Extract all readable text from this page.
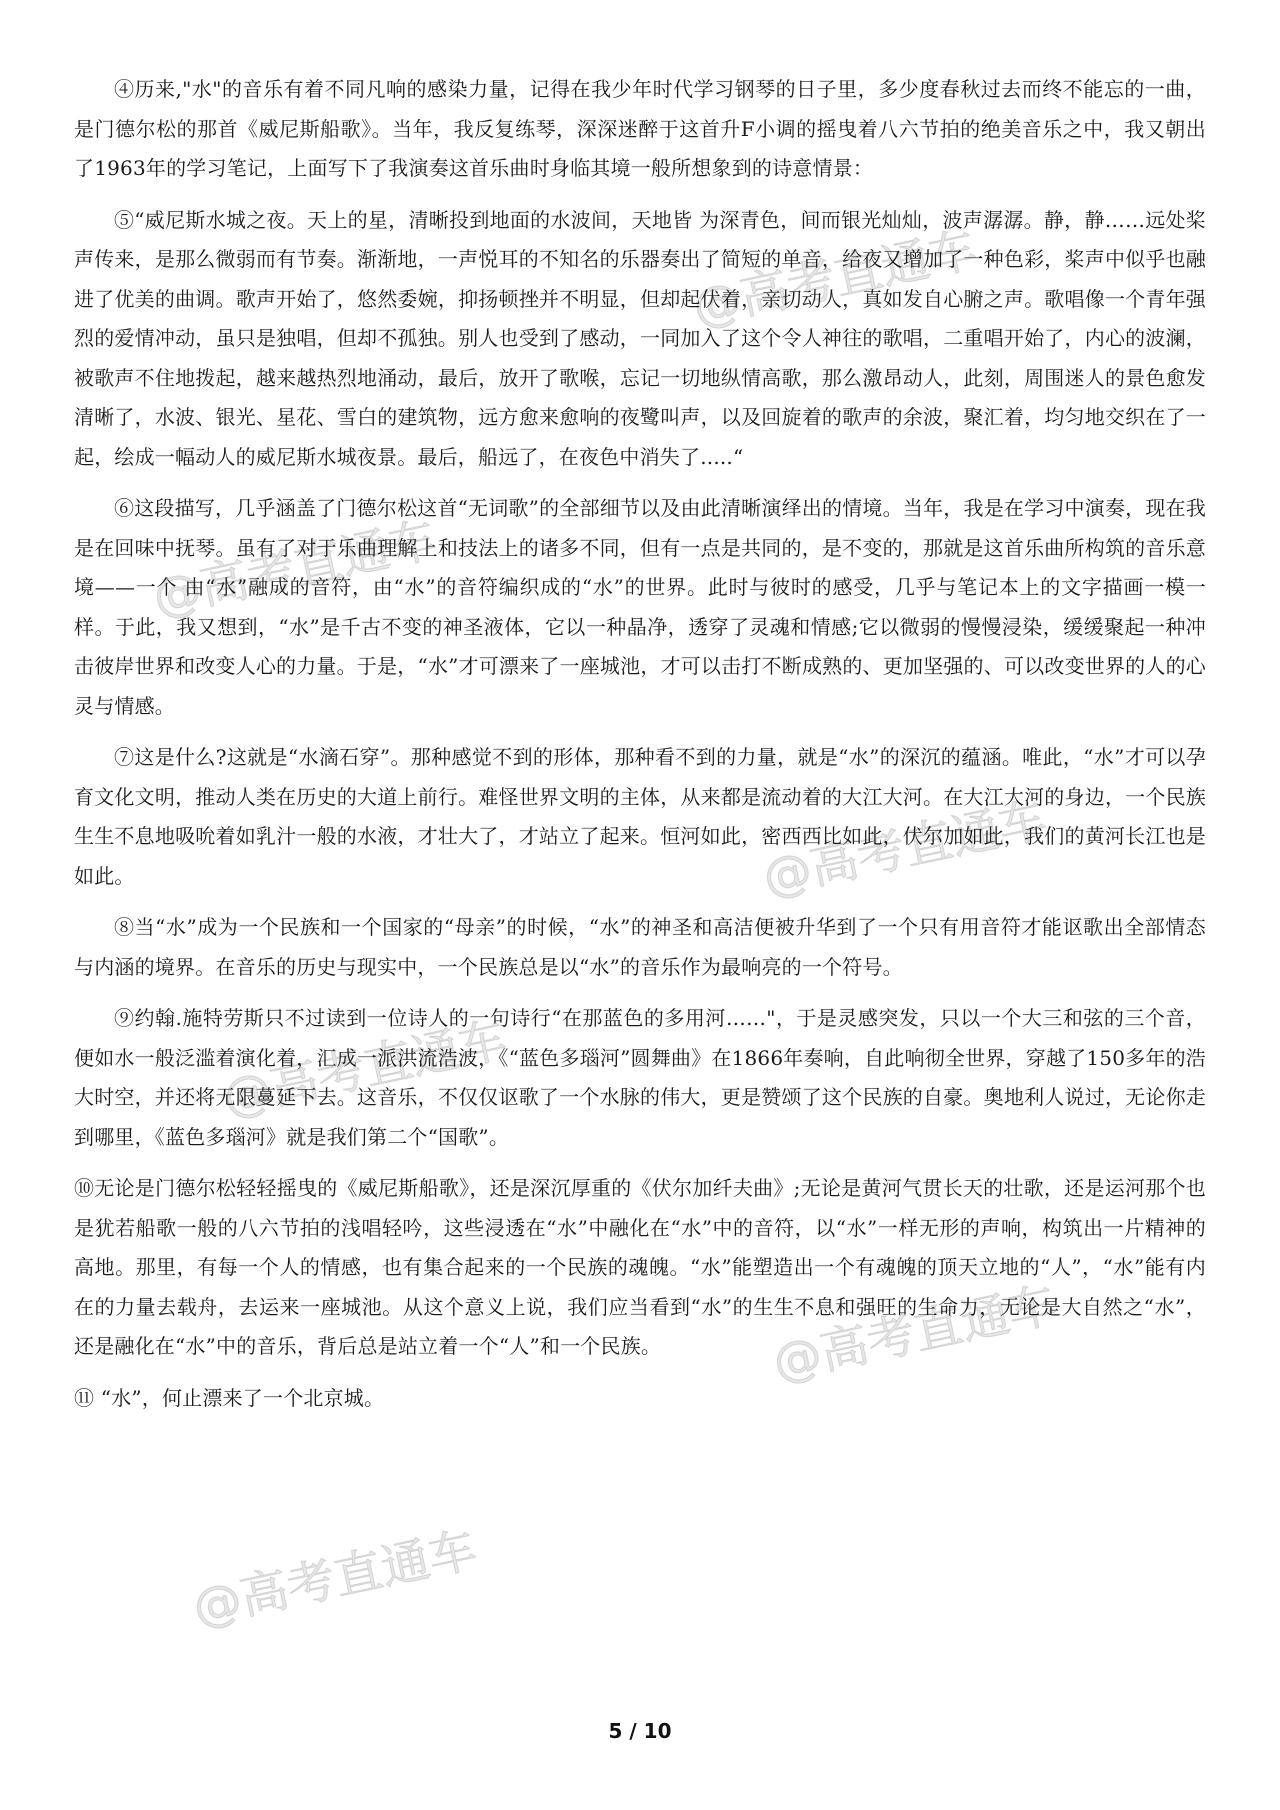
@高考直通车
@高考直通车
@高考直通车
@高考直通车
@高考直通车
@高考直通车

④历来,"水"的音乐有着不同凡响的感染力量，记得在我少年时代学习钢琴的日子里，多少度春秋过去而终不能忘的一曲，是门德尔松的那首《威尼斯船歌》。当年，我反复练琴，深深迷醉于这首升F小调的摇曳着八六节拍的绝美音乐之中，我又朝出了1963年的学习笔记，上面写下了我演奏这首乐曲时身临其境一般所想象到的诗意情景：

⑤“威尼斯水城之夜。天上的星，清晰投到地面的水波间，天地皆 为深青色，间而银光灿灿，波声潺潺。静，静……远处桨声传来，是那么微弱而有节奏。渐渐地，一声悦耳的不知名的乐器奏出了简短的单音，给夜又增加了一种色彩，桨声中似乎也融进了优美的曲调。歌声开始了，悠然委婉，抑扬顿挫并不明显，但却起伏着，亲切动人，真如发自心腑之声。歌唱像一个青年强烈的爱情冲动，虽只是独唱，但却不孤独。别人也受到了感动，一同加入了这个令人神往的歌唱，二重唱开始了，内心的波澜，被歌声不住地拨起，越来越热烈地涌动，最后，放开了歌喉，忘记一切地纵情高歌，那么激昂动人，此刻，周围迷人的景色愈发清晰了，水波、银光、星花、雪白的建筑物，远方愈来愈响的夜鹭叫声，以及回旋着的歌声的余波，聚汇着，均匀地交织在了一起，绘成一幅动人的威尼斯水城夜景。最后，船远了，在夜色中消失了.....“

⑥这段描写，几乎涵盖了门德尔松这首“无词歌”的全部细节以及由此清晰演绎出的情境。当年，我是在学习中演奏，现在我是在回味中抚琴。虽有了对于乐曲理解上和技法上的诸多不同，但有一点是共同的，是不变的，那就是这首乐曲所构筑的音乐意境——一个 由“水”融成的音符，由“水”的音符编织成的“水”的世界。此时与彼时的感受，几乎与笔记本上的文字描画一模一样。于此，我又想到，“水”是千古不变的神圣液体，它以一种晶净，透穿了灵魂和情感;它以微弱的慢慢浸染，缓缓聚起一种冲击彼岸世界和改变人心的力量。于是，“水”才可漂来了一座城池，才可以击打不断成熟的、更加坚强的、可以改变世界的人的心灵与情感。

⑦这是什么?这就是“水滴石穿”。那种感觉不到的形体，那种看不到的力量，就是“水”的深沉的蕴涵。唯此，“水”才可以孕育文化文明，推动人类在历史的大道上前行。难怪世界文明的主体，从来都是流动着的大江大河。在大江大河的身边，一个民族生生不息地吸吮着如乳汁一般的水液，才壮大了，才站立了起来。恒河如此，密西西比如此，伏尔加如此，我们的黄河长江也是如此。

⑧当“水”成为一个民族和一个国家的“母亲”的时候，“水”的神圣和高洁便被升华到了一个只有用音符才能讴歌出全部情态与内涵的境界。在音乐的历史与现实中，一个民族总是以“水”的音乐作为最响亮的一个符号。

⑨约翰.施特劳斯只不过读到一位诗人的一句诗行“在那蓝色的多用河……"，于是灵感突发，只以一个大三和弦的三个音，便如水一般泛滥着演化着，汇成一派洪流浩波，《“蓝色多瑙河”圆舞曲》在1866年奏响，自此响彻全世界，穿越了150多年的浩大时空，并还将无限蔓延下去。这音乐，不仅仅讴歌了一个水脉的伟大，更是赞颂了这个民族的自豪。奥地利人说过，无论你走到哪里，《蓝色多瑙河》就是我们第二个“国歌”。

⑩无论是门德尔松轻轻摇曳的《威尼斯船歌》，还是深沉厚重的《伏尔加纤夫曲》;无论是黄河气贯长天的壮歌，还是运河那个也是犹若船歌一般的八六节拍的浅唱轻吟，这些浸透在“水”中融化在“水”中的音符，以“水”一样无形的声响，构筑出一片精神的高地。那里，有每一个人的情感，也有集合起来的一个民族的魂魄。“水”能塑造出一个有魂魄的顶天立地的“人”，“水”能有内在的力量去载舟，去运来一座城池。从这个意义上说，我们应当看到“水”的生生不息和强旺的生命力，无论是大自然之“水”，还是融化在“水”中的音乐，背后总是站立着一个“人”和一个民族。

⑪ “水”，何止漂来了一个北京城。

5 / 10
